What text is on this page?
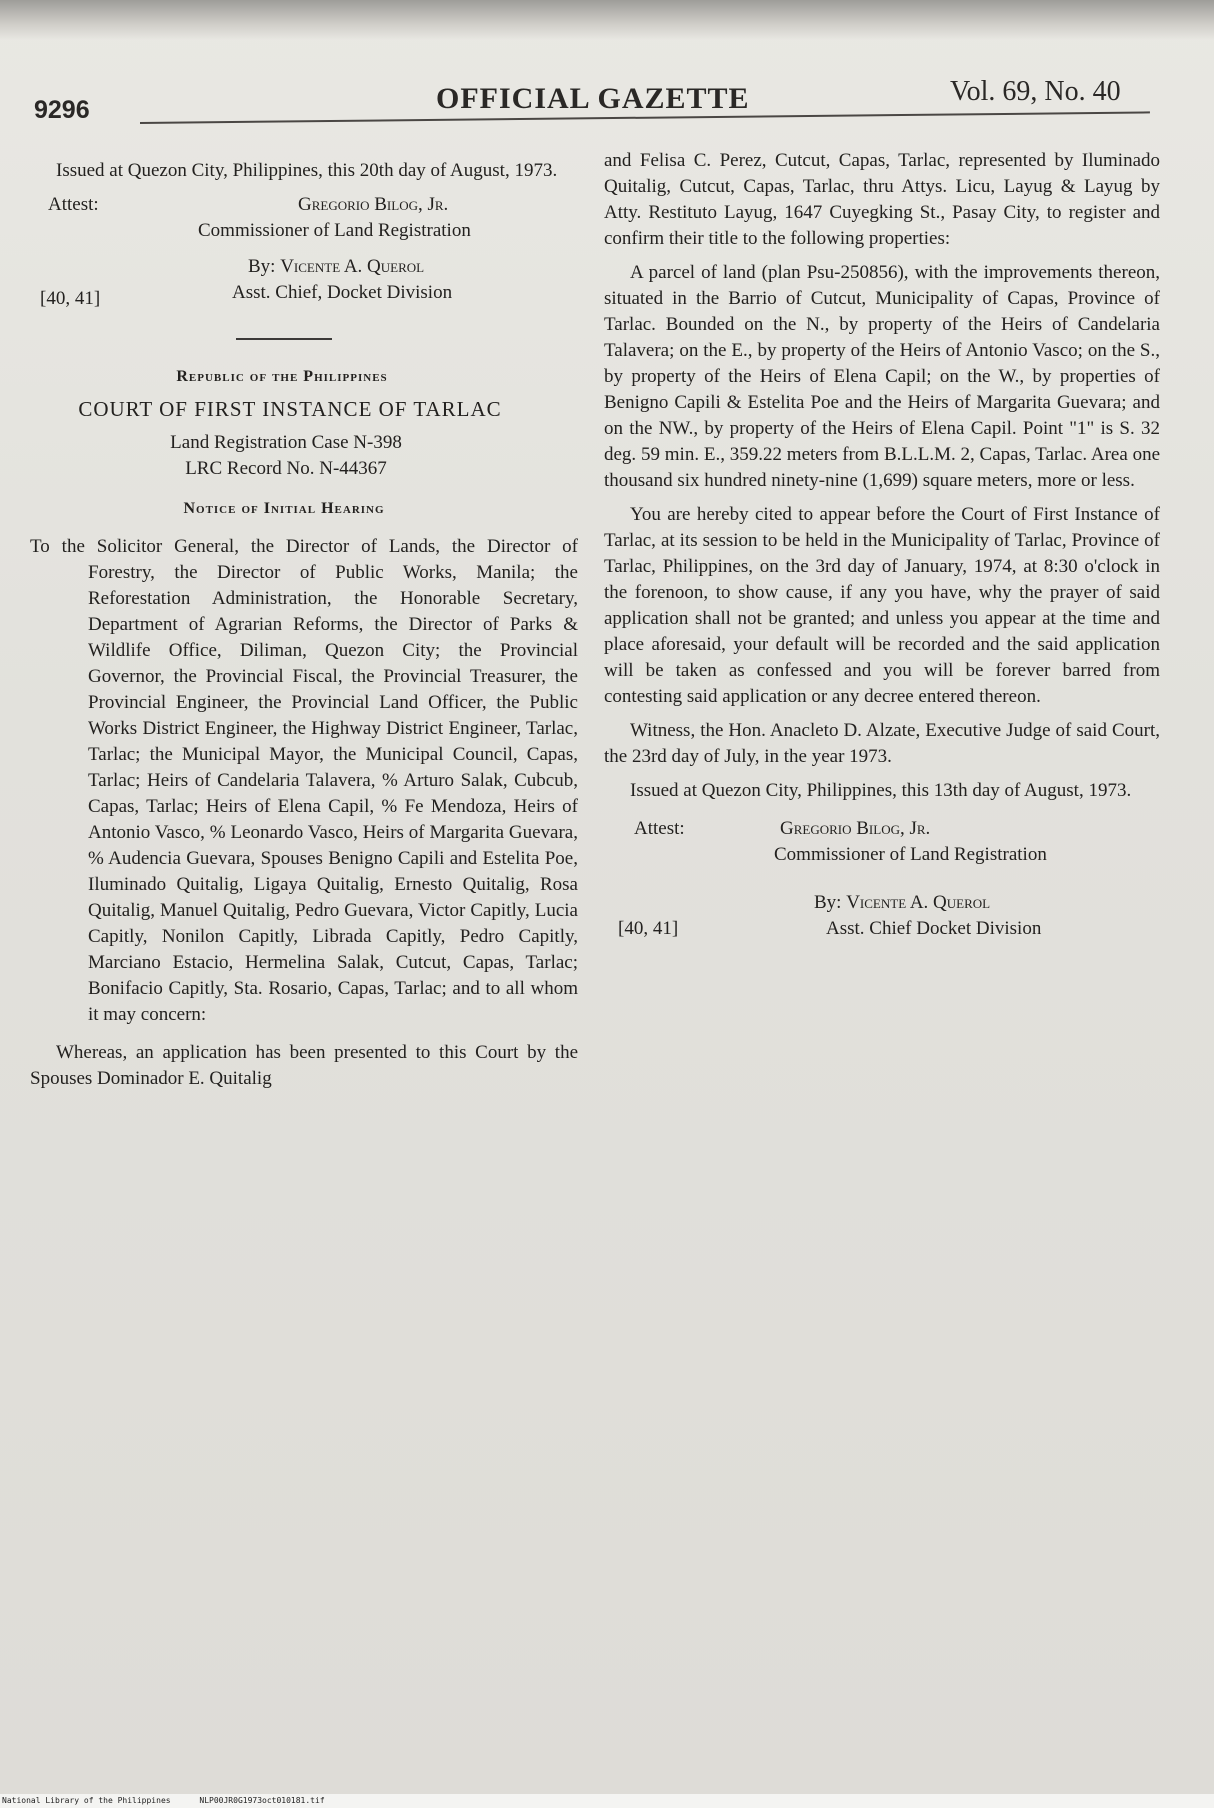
9296	OFFICIAL GAZETTE	Vol. 69, No. 40

Issued at Quezon City, Philippines, this 20th day of August, 1973.

Attest:	Gregorio Bilog, Jr.
Commissioner of Land Registration
By: Vicente A. Querol
[40, 41]	Asst. Chief, Docket Division

Republic of the Philippines

COURT OF FIRST INSTANCE OF TARLAC

Land Registration Case N-398

LRC Record No. N-44367

Notice of Initial Hearing

To the Solicitor General, the Director of Lands, the Director of Forestry, the Director of Public Works, Manila; the Reforestation Administration, the Honorable Secretary, Department of Agrarian Reforms, the Director of Parks & Wildlife Office, Diliman, Quezon City; the Provincial Governor, the Provincial Fiscal, the Provincial Treasurer, the Provincial Engineer, the Provincial Land Officer, the Public Works District Engineer, the Highway District Engineer, Tarlac, Tarlac; the Municipal Mayor, the Municipal Council, Capas, Tarlac; Heirs of Candelaria Talavera, % Arturo Salak, Cubcub, Capas, Tarlac; Heirs of Elena Capil, % Fe Mendoza, Heirs of Antonio Vasco, % Leonardo Vasco, Heirs of Margarita Guevara, % Audencia Guevara, Spouses Benigno Capili and Estelita Poe, Iluminado Quitalig, Ligaya Quitalig, Ernesto Quitalig, Rosa Quitalig, Manuel Quitalig, Pedro Guevara, Victor Capitly, Lucia Capitly, Nonilon Capitly, Librada Capitly, Pedro Capitly, Marciano Estacio, Hermelina Salak, Cutcut, Capas, Tarlac; Bonifacio Capitly, Sta. Rosario, Capas, Tarlac; and to all whom it may concern:

Whereas, an application has been presented to this Court by the Spouses Dominador E. Quitalig

and Felisa C. Perez, Cutcut, Capas, Tarlac, represented by Iluminado Quitalig, Cutcut, Capas, Tarlac, thru Attys. Licu, Layug & Layug by Atty. Restituto Layug, 1647 Cuyegking St., Pasay City, to register and confirm their title to the following properties:

A parcel of land (plan Psu-250856), with the improvements thereon, situated in the Barrio of Cutcut, Municipality of Capas, Province of Tarlac. Bounded on the N., by property of the Heirs of Candelaria Talavera; on the E., by property of the Heirs of Antonio Vasco; on the S., by property of the Heirs of Elena Capil; on the W., by properties of Benigno Capili & Estelita Poe and the Heirs of Margarita Guevara; and on the NW., by property of the Heirs of Elena Capil. Point "1" is S. 32 deg. 59 min. E., 359.22 meters from B.L.L.M. 2, Capas, Tarlac. Area one thousand six hundred ninety-nine (1,699) square meters, more or less.

You are hereby cited to appear before the Court of First Instance of Tarlac, at its session to be held in the Municipality of Tarlac, Province of Tarlac, Philippines, on the 3rd day of January, 1974, at 8:30 o'clock in the forenoon, to show cause, if any you have, why the prayer of said application shall not be granted; and unless you appear at the time and place aforesaid, your default will be recorded and the said application will be taken as confessed and you will be forever barred from contesting said application or any decree entered thereon.

Witness, the Hon. Anacleto D. Alzate, Executive Judge of said Court, the 23rd day of July, in the year 1973.

Issued at Quezon City, Philippines, this 13th day of August, 1973.

Attest:	Gregorio Bilog, Jr.
Commissioner of Land Registration
By: Vicente A. Querol
[40, 41]	Asst. Chief Docket Division
National Library of the Philippines	NLP00JR0G1973oct010181.tif
